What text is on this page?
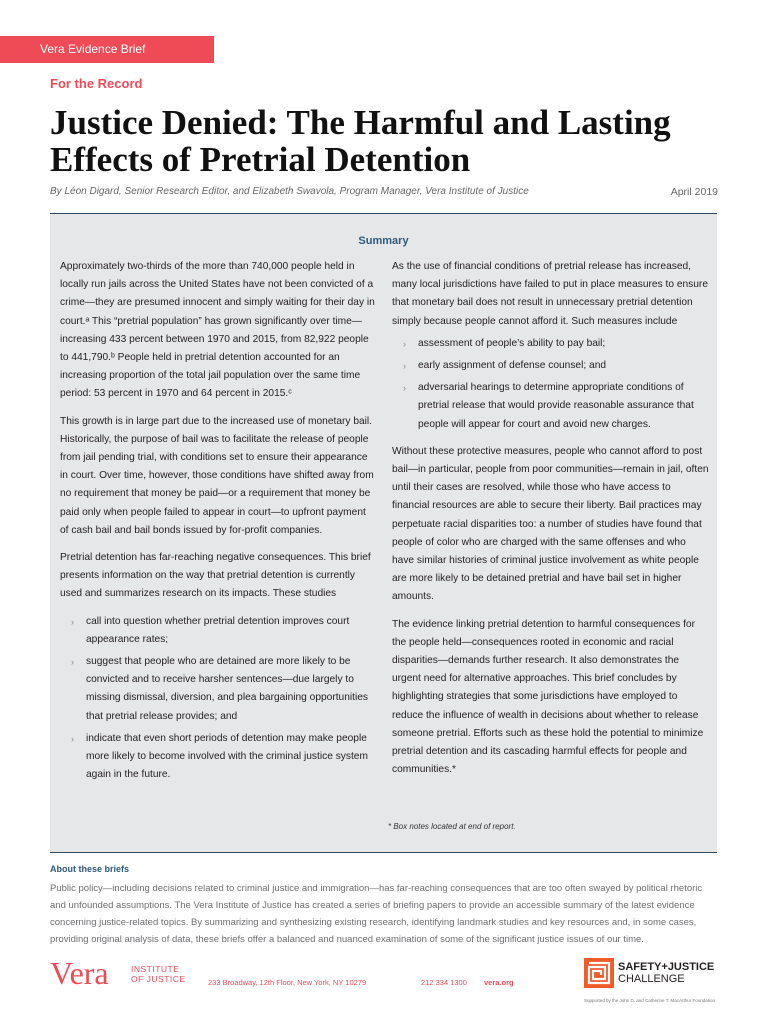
Vera Evidence Brief
For the Record
Justice Denied: The Harmful and Lasting
Effects of Pretrial Detention
By Léon Digard, Senior Research Editor, and Elizabeth Swavola, Program Manager, Vera Institute of Justice	April 2019
Summary

Approximately two-thirds of the more than 740,000 people held in locally run jails across the United States have not been convicted of a crime—they are presumed innocent and simply waiting for their day in court.ᵃ This “pretrial population” has grown significantly over time—increasing 433 percent between 1970 and 2015, from 82,922 people to 441,790.ᵇ People held in pretrial detention accounted for an increasing proportion of the total jail population over the same time period: 53 percent in 1970 and 64 percent in 2015.ᶜ

This growth is in large part due to the increased use of monetary bail. Historically, the purpose of bail was to facilitate the release of people from jail pending trial, with conditions set to ensure their appearance in court. Over time, however, those conditions have shifted away from no requirement that money be paid—or a requirement that money be paid only when people failed to appear in court—to upfront payment of cash bail and bail bonds issued by for-profit companies.

Pretrial detention has far-reaching negative consequences. This brief presents information on the way that pretrial detention is currently used and summarizes research on its impacts. These studies

› call into question whether pretrial detention improves court appearance rates;
› suggest that people who are detained are more likely to be convicted and to receive harsher sentences—due largely to missing dismissal, diversion, and plea bargaining opportunities that pretrial release provides; and
› indicate that even short periods of detention may make people more likely to become involved with the criminal justice system again in the future.

As the use of financial conditions of pretrial release has increased, many local jurisdictions have failed to put in place measures to ensure that monetary bail does not result in unnecessary pretrial detention simply because people cannot afford it. Such measures include

› assessment of people’s ability to pay bail;
› early assignment of defense counsel; and
› adversarial hearings to determine appropriate conditions of pretrial release that would provide reasonable assurance that people will appear for court and avoid new charges.

Without these protective measures, people who cannot afford to post bail—in particular, people from poor communities—remain in jail, often until their cases are resolved, while those who have access to financial resources are able to secure their liberty. Bail practices may perpetuate racial disparities too: a number of studies have found that people of color who are charged with the same offenses and who have similar histories of criminal justice involvement as white people are more likely to be detained pretrial and have bail set in higher amounts.

The evidence linking pretrial detention to harmful consequences for the people held—consequences rooted in economic and racial disparities—demands further research. It also demonstrates the urgent need for alternative approaches. This brief concludes by highlighting strategies that some jurisdictions have employed to reduce the influence of wealth in decisions about whether to release someone pretrial. Efforts such as these hold the potential to minimize pretrial detention and its cascading harmful effects for people and communities.*

* Box notes located at end of report.
About these briefs
Public policy—including decisions related to criminal justice and immigration—has far-reaching consequences that are too often swayed by political rhetoric and unfounded assumptions. The Vera Institute of Justice has created a series of briefing papers to provide an accessible summary of the latest evidence concerning justice-related topics. By summarizing and synthesizing existing research, identifying landmark studies and key resources and, in some cases, providing original analysis of data, these briefs offer a balanced and nuanced examination of some of the significant justice issues of our time.
Vera	INSTITUTE
OF JUSTICE	233 Broadway, 12th Floor, New York, NY 10279	212 334 1300 vera.org
SAFETY+JUSTICE
CHALLENGE
Supported by the John D. and Catherine T. MacArthur Foundation
